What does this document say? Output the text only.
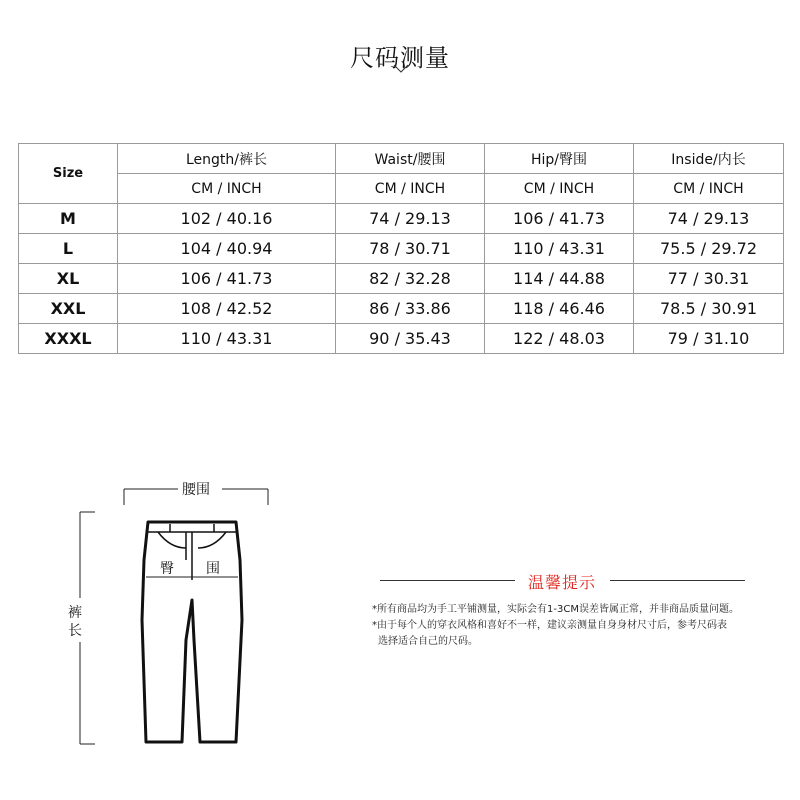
尺码测量
Size	Length/裤长	Waist/腰围	Hip/臀围	Inside/内长
	CM / INCH	CM / INCH	CM / INCH	CM / INCH
M	102 / 40.16	74 / 29.13	106 / 41.73	74 / 29.13
L	104 / 40.94	78 / 30.71	110 / 43.31	75.5 / 29.72
XL	106 / 41.73	82 / 32.28	114 / 44.88	77 / 30.31
XXL	108 / 42.52	86 / 33.86	118 / 46.46	78.5 / 30.91
XXXL	110 / 43.31	90 / 35.43	122 / 48.03	79 / 31.10
腰围
臀 围
裤
长
温馨提示

*所有商品均为手工平铺测量，实际会有1-3CM误差皆属正常，并非商品质量问题。

*由于每个人的穿衣风格和喜好不一样，建议亲测量自身身材尺寸后，参考尺码表

选择适合自己的尺码。
